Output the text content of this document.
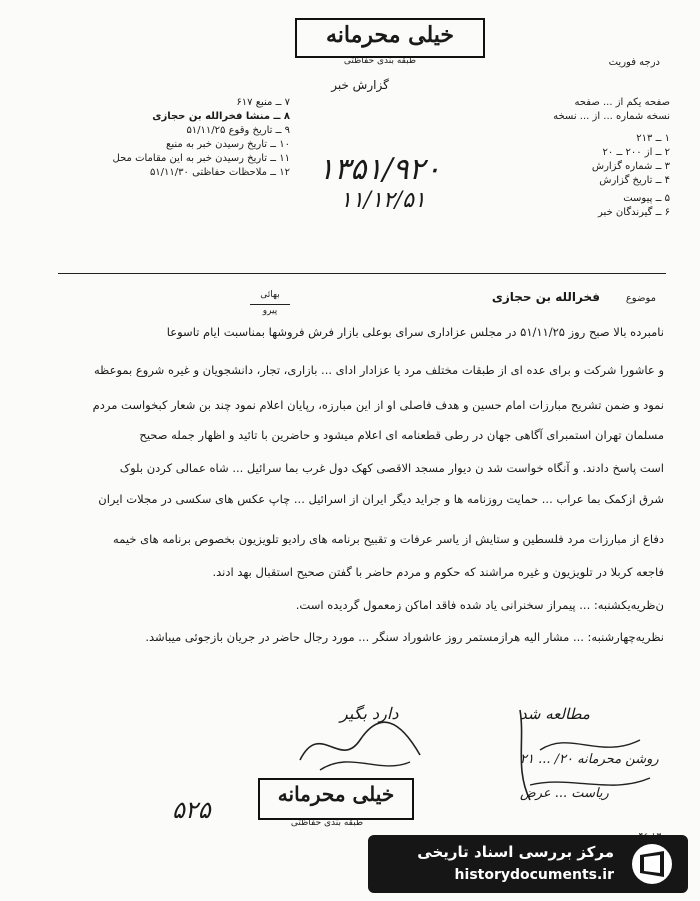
خیلی محرمانه
طبقه بندی حفاظتی	درجه فوریت
گزارش خبر
صفحه یکم از ... صفحه
نسخه شماره ... از ... نسخه
۱ ــ ۲۱۳
۲ ــ از ۲۰۰ ــ ۲۰
۳ ــ شماره گزارش
۴ ــ تاریخ گزارش
۵ ــ پیوست
۶ ــ گیرندگان خبر
۷ ــ منبع ۶۱۷
۸ ــ منشا فخرالله بن حجازی
۹ ــ تاریخ وقوع ۵۱/۱۱/۲۵
۱۰ ــ تاریخ رسیدن خبر به منبع
۱۱ ــ تاریخ رسیدن خبر به این مقامات محل
۱۲ ــ ملاحظات حفاظتی ۵۱/۱۱/۳۰ ۱۳۵۱/۹۲۰
۱۱/۱۲/۵۱
موضوع
فخرالله بن حجازی
بهائی
پیرو
نامبرده بالا صبح روز ۵۱/۱۱/۲۵ در مجلس عزاداری سرای بوعلی بازار فرش فروشها بمناسبت ایام تاسوعا
و عاشورا شرکت و برای عده ای از طبقات مختلف مرد یا عزادار ادای ... بازاری، تجار، دانشجویان و غیره شروع بموعظه
نمود و ضمن تشریح مبارزات امام حسین و هدف فاصلی او از این مبارزه، رپایان اعلام نمود چند بن شعار کبخواست مردم
مسلمان تهران استمبرای آگاهی جهان در رطی قطعنامه ای اعلام میشود و حاضرین با تائید و اظهار جمله صحیح
است پاسخ دادند. و آنگاه خواست شد ن دیوار مسجد الاقصی کهک دول غرب بما سرائیل ... شاه عمالی کردن بلوک
شرق ازکمک بما عراب ... حمایت روزنامه ها و جراید دیگر ایران از اسرائیل ... چاپ عکس های سکسی در مجلات ایران
دفاع از مبارزات مرد فلسطین و ستایش از یاسر عرفات و تقبیح برنامه های رادیو تلویزیون بخصوص برنامه های خیمه
فاجعه کربلا در تلویزیون و غیره مراشند که حکوم و مردم حاضر با گفتن صحیح استقبال بهد ادند.
ن‌ظریه‌یکشنبه: ... پیمراز سخنرانی یاد شده فاقد اماکن زمعمول گردیده است.
نظریه‌چهارشنبه: ... مشار الیه هرازمستمر روز عاشوراد سنگر ... مورد رجال حاضر در جریان بازجوئی میباشد.
دارد بگیر	مطالعه شد
روشن محرمانه ۲۰/ ... ۲۱
ریاست ... عرض
۵۲۵
خیلی محرمانه
طبقه بندی حفاظتی
مرکز بررسی اسناد تاریخی
historydocuments.ir
